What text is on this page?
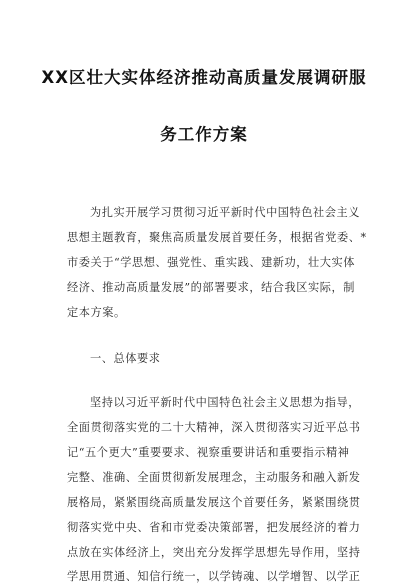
XX区壮大实体经济推动高质量发展调研服
务工作方案
为扎实开展学习贯彻习近平新时代中国特色社会主义
思想主题教育，聚焦高质量发展首要任务，根据省党委、*
市委关于“学思想、强党性、重实践、建新功，壮大实体
经济、推动高质量发展”的部署要求，结合我区实际，制
定本方案。
一、总体要求
坚持以习近平新时代中国特色社会主义思想为指导，
全面贯彻落实党的二十大精神，深入贯彻落实习近平总书
记“五个更大”重要要求、视察重要讲话和重要指示精神
完整、准确、全面贯彻新发展理念，主动服务和融入新发
展格局，紧紧围绕高质量发展这个首要任务，紧紧围绕贯
彻落实党中央、省和市党委决策部署，把发展经济的着力
点放在实体经济上，突出充分发挥学思想先导作用，坚持
学思用贯通、知信行统一，以学铸魂、以学增智、以学正
